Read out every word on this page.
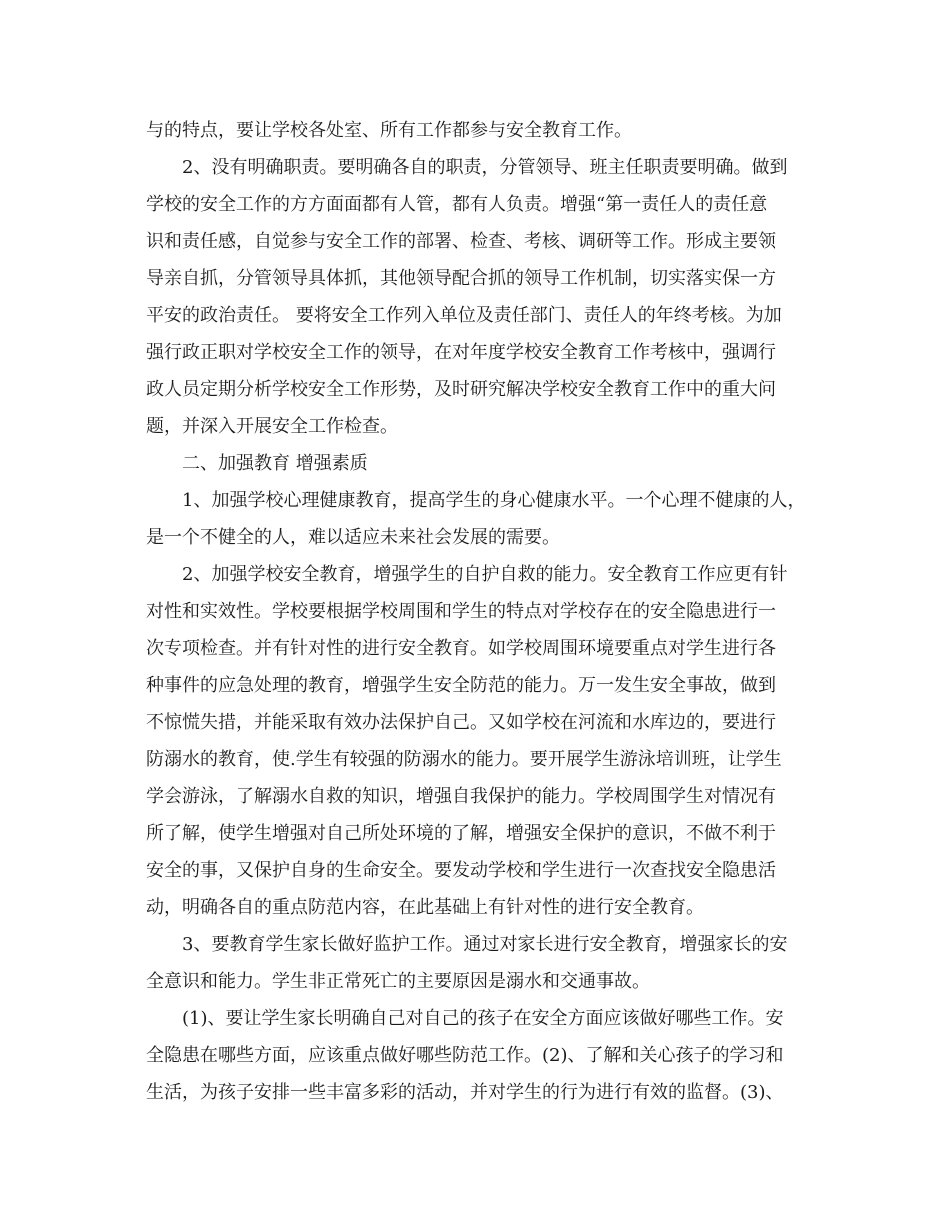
与的特点，要让学校各处室、所有工作都参与安全教育工作。
2、没有明确职责。要明确各自的职责，分管领导、班主任职责要明确。做到
学校的安全工作的方方面面都有人管，都有人负责。增强“第一责任人的责任意
识和责任感，自觉参与安全工作的部署、检查、考核、调研等工作。形成主要领
导亲自抓，分管领导具体抓，其他领导配合抓的领导工作机制，切实落实保一方
平安的政治责任。 要将安全工作列入单位及责任部门、责任人的年终考核。为加
强行政正职对学校安全工作的领导，在对年度学校安全教育工作考核中，强调行
政人员定期分析学校安全工作形势，及时研究解决学校安全教育工作中的重大问
题，并深入开展安全工作检查。
二、加强教育 增强素质
1、加强学校心理健康教育，提高学生的身心健康水平。一个心理不健康的人，
是一个不健全的人，难以适应未来社会发展的需要。
2、加强学校安全教育，增强学生的自护自救的能力。安全教育工作应更有针
对性和实效性。学校要根据学校周围和学生的特点对学校存在的安全隐患进行一
次专项检查。并有针对性的进行安全教育。如学校周围环境要重点对学生进行各
种事件的应急处理的教育，增强学生安全防范的能力。万一发生安全事故，做到
不惊慌失措，并能采取有效办法保护自己。又如学校在河流和水库边的，要进行
防溺水的教育，使.学生有较强的防溺水的能力。要开展学生游泳培训班，让学生
学会游泳，了解溺水自救的知识，增强自我保护的能力。学校周围学生对情况有
所了解，使学生增强对自己所处环境的了解，增强安全保护的意识，不做不利于
安全的事，又保护自身的生命安全。要发动学校和学生进行一次查找安全隐患活
动，明确各自的重点防范内容，在此基础上有针对性的进行安全教育。
3、要教育学生家长做好监护工作。通过对家长进行安全教育，增强家长的安
全意识和能力。学生非正常死亡的主要原因是溺水和交通事故。
(1)、要让学生家长明确自己对自己的孩子在安全方面应该做好哪些工作。安
全隐患在哪些方面，应该重点做好哪些防范工作。(2)、了解和关心孩子的学习和
生活，为孩子安排一些丰富多彩的活动，并对学生的行为进行有效的监督。(3)、
